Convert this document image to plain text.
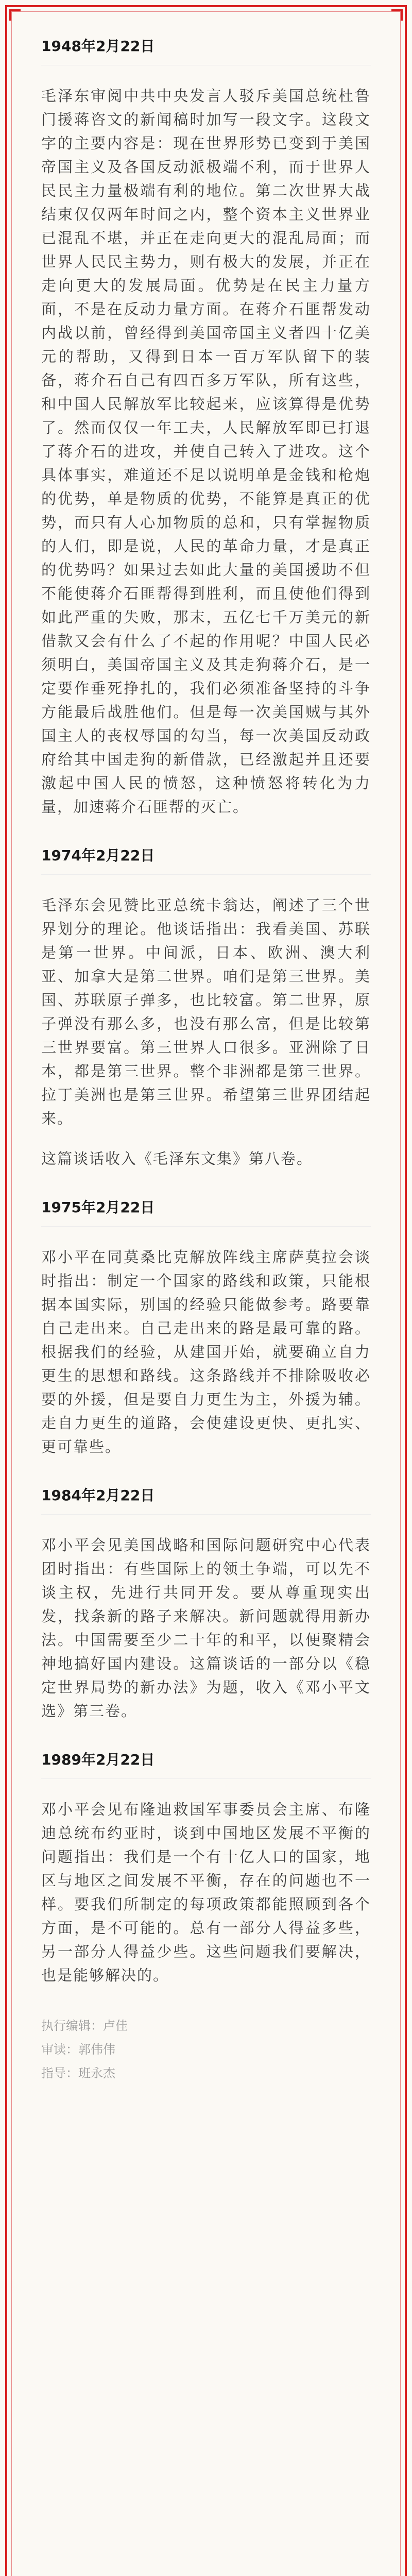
1948年2月22日

毛泽东审阅中共中央发言人驳斥美国总统杜鲁门援蒋咨文的新闻稿时加写一段文字。这段文字的主要内容是：现在世界形势已变到于美国帝国主义及各国反动派极端不利，而于世界人民民主力量极端有利的地位。第二次世界大战结束仅仅两年时间之内，整个资本主义世界业已混乱不堪，并正在走向更大的混乱局面；而世界人民民主势力，则有极大的发展，并正在走向更大的发展局面。优势是在民主力量方面，不是在反动力量方面。在蒋介石匪帮发动内战以前，曾经得到美国帝国主义者四十亿美元的帮助，又得到日本一百万军队留下的装备，蒋介石自己有四百多万军队，所有这些，和中国人民解放军比较起来，应该算得是优势了。然而仅仅一年工夫，人民解放军即已打退了蒋介石的进攻，并使自己转入了进攻。这个具体事实，难道还不足以说明单是金钱和枪炮的优势，单是物质的优势，不能算是真正的优势，而只有人心加物质的总和，只有掌握物质的人们，即是说，人民的革命力量，才是真正的优势吗？如果过去如此大量的美国援助不但不能使蒋介石匪帮得到胜利，而且使他们得到如此严重的失败，那末，五亿七千万美元的新借款又会有什么了不起的作用呢？中国人民必须明白，美国帝国主义及其走狗蒋介石，是一定要作垂死挣扎的，我们必须准备坚持的斗争方能最后战胜他们。但是每一次美国贼与其外国主人的丧权辱国的勾当，每一次美国反动政府给其中国走狗的新借款，已经激起并且还要激起中国人民的愤怒，这种愤怒将转化为力量，加速蒋介石匪帮的灭亡。

1974年2月22日

毛泽东会见赞比亚总统卡翁达，阐述了三个世界划分的理论。他谈话指出：我看美国、苏联是第一世界。中间派，日本、欧洲、澳大利亚、加拿大是第二世界。咱们是第三世界。美国、苏联原子弹多，也比较富。第二世界，原子弹没有那么多，也没有那么富，但是比较第三世界要富。第三世界人口很多。亚洲除了日本，都是第三世界。整个非洲都是第三世界。拉丁美洲也是第三世界。希望第三世界团结起来。

这篇谈话收入《毛泽东文集》第八卷。

1975年2月22日

邓小平在同莫桑比克解放阵线主席萨莫拉会谈时指出：制定一个国家的路线和政策，只能根据本国实际，别国的经验只能做参考。路要靠自己走出来。自己走出来的路是最可靠的路。根据我们的经验，从建国开始，就要确立自力更生的思想和路线。这条路线并不排除吸收必要的外援，但是要自力更生为主，外援为辅。走自力更生的道路，会使建设更快、更扎实、更可靠些。

1984年2月22日

邓小平会见美国战略和国际问题研究中心代表团时指出：有些国际上的领土争端，可以先不谈主权，先进行共同开发。要从尊重现实出发，找条新的路子来解决。新问题就得用新办法。中国需要至少二十年的和平，以便聚精会神地搞好国内建设。这篇谈话的一部分以《稳定世界局势的新办法》为题，收入《邓小平文选》第三卷。

1989年2月22日

邓小平会见布隆迪救国军事委员会主席、布隆迪总统布约亚时，谈到中国地区发展不平衡的问题指出：我们是一个有十亿人口的国家，地区与地区之间发展不平衡，存在的问题也不一样。要我们所制定的每项政策都能照顾到各个方面，是不可能的。总有一部分人得益多些，另一部分人得益少些。这些问题我们要解决，也是能够解决的。

执行编辑：卢佳
审读：郭伟伟
指导：班永杰
